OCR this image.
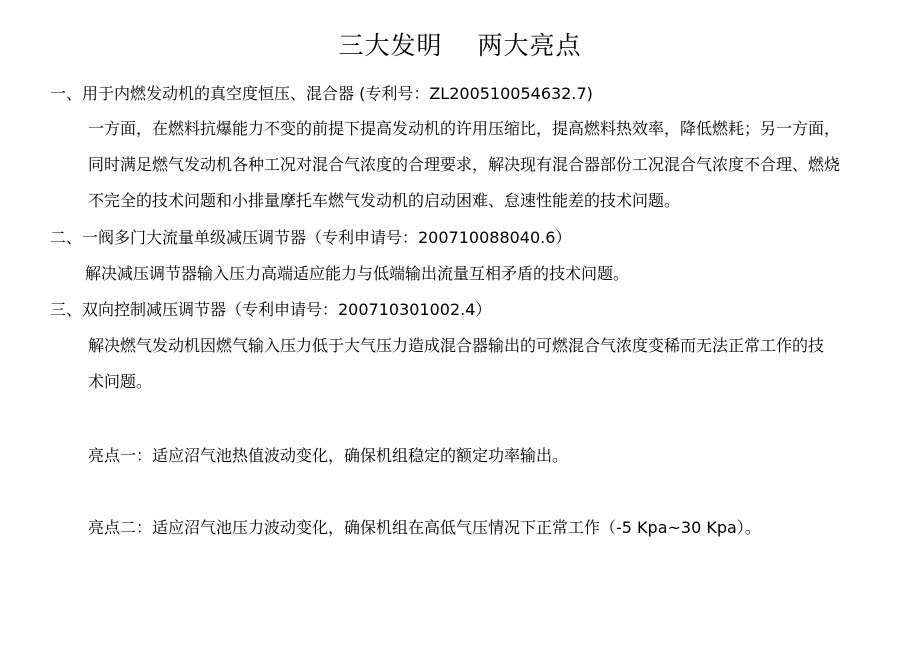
三大发明　 两大亮点
一、用于内燃发动机的真空度恒压、混合器 (专利号：ZL200510054632.7)
一方面，在燃料抗爆能力不变的前提下提高发动机的许用压缩比，提高燃料热效率，降低燃耗；另一方面，
同时满足燃气发动机各种工况对混合气浓度的合理要求，解决现有混合器部份工况混合气浓度不合理、燃烧
不完全的技术问题和小排量摩托车燃气发动机的启动困难、怠速性能差的技术问题。
二、一阀多门大流量单级减压调节器（专利申请号：200710088040.6）
解决减压调节器输入压力高端适应能力与低端输出流量互相矛盾的技术问题。
三、双向控制减压调节器（专利申请号：200710301002.4）
解决燃气发动机因燃气输入压力低于大气压力造成混合器输出的可燃混合气浓度变稀而无法正常工作的技
术问题。
亮点一：适应沼气池热值波动变化，确保机组稳定的额定功率输出。
亮点二：适应沼气池压力波动变化，确保机组在高低气压情况下正常工作（-5 Kpa~30 Kpa）。
